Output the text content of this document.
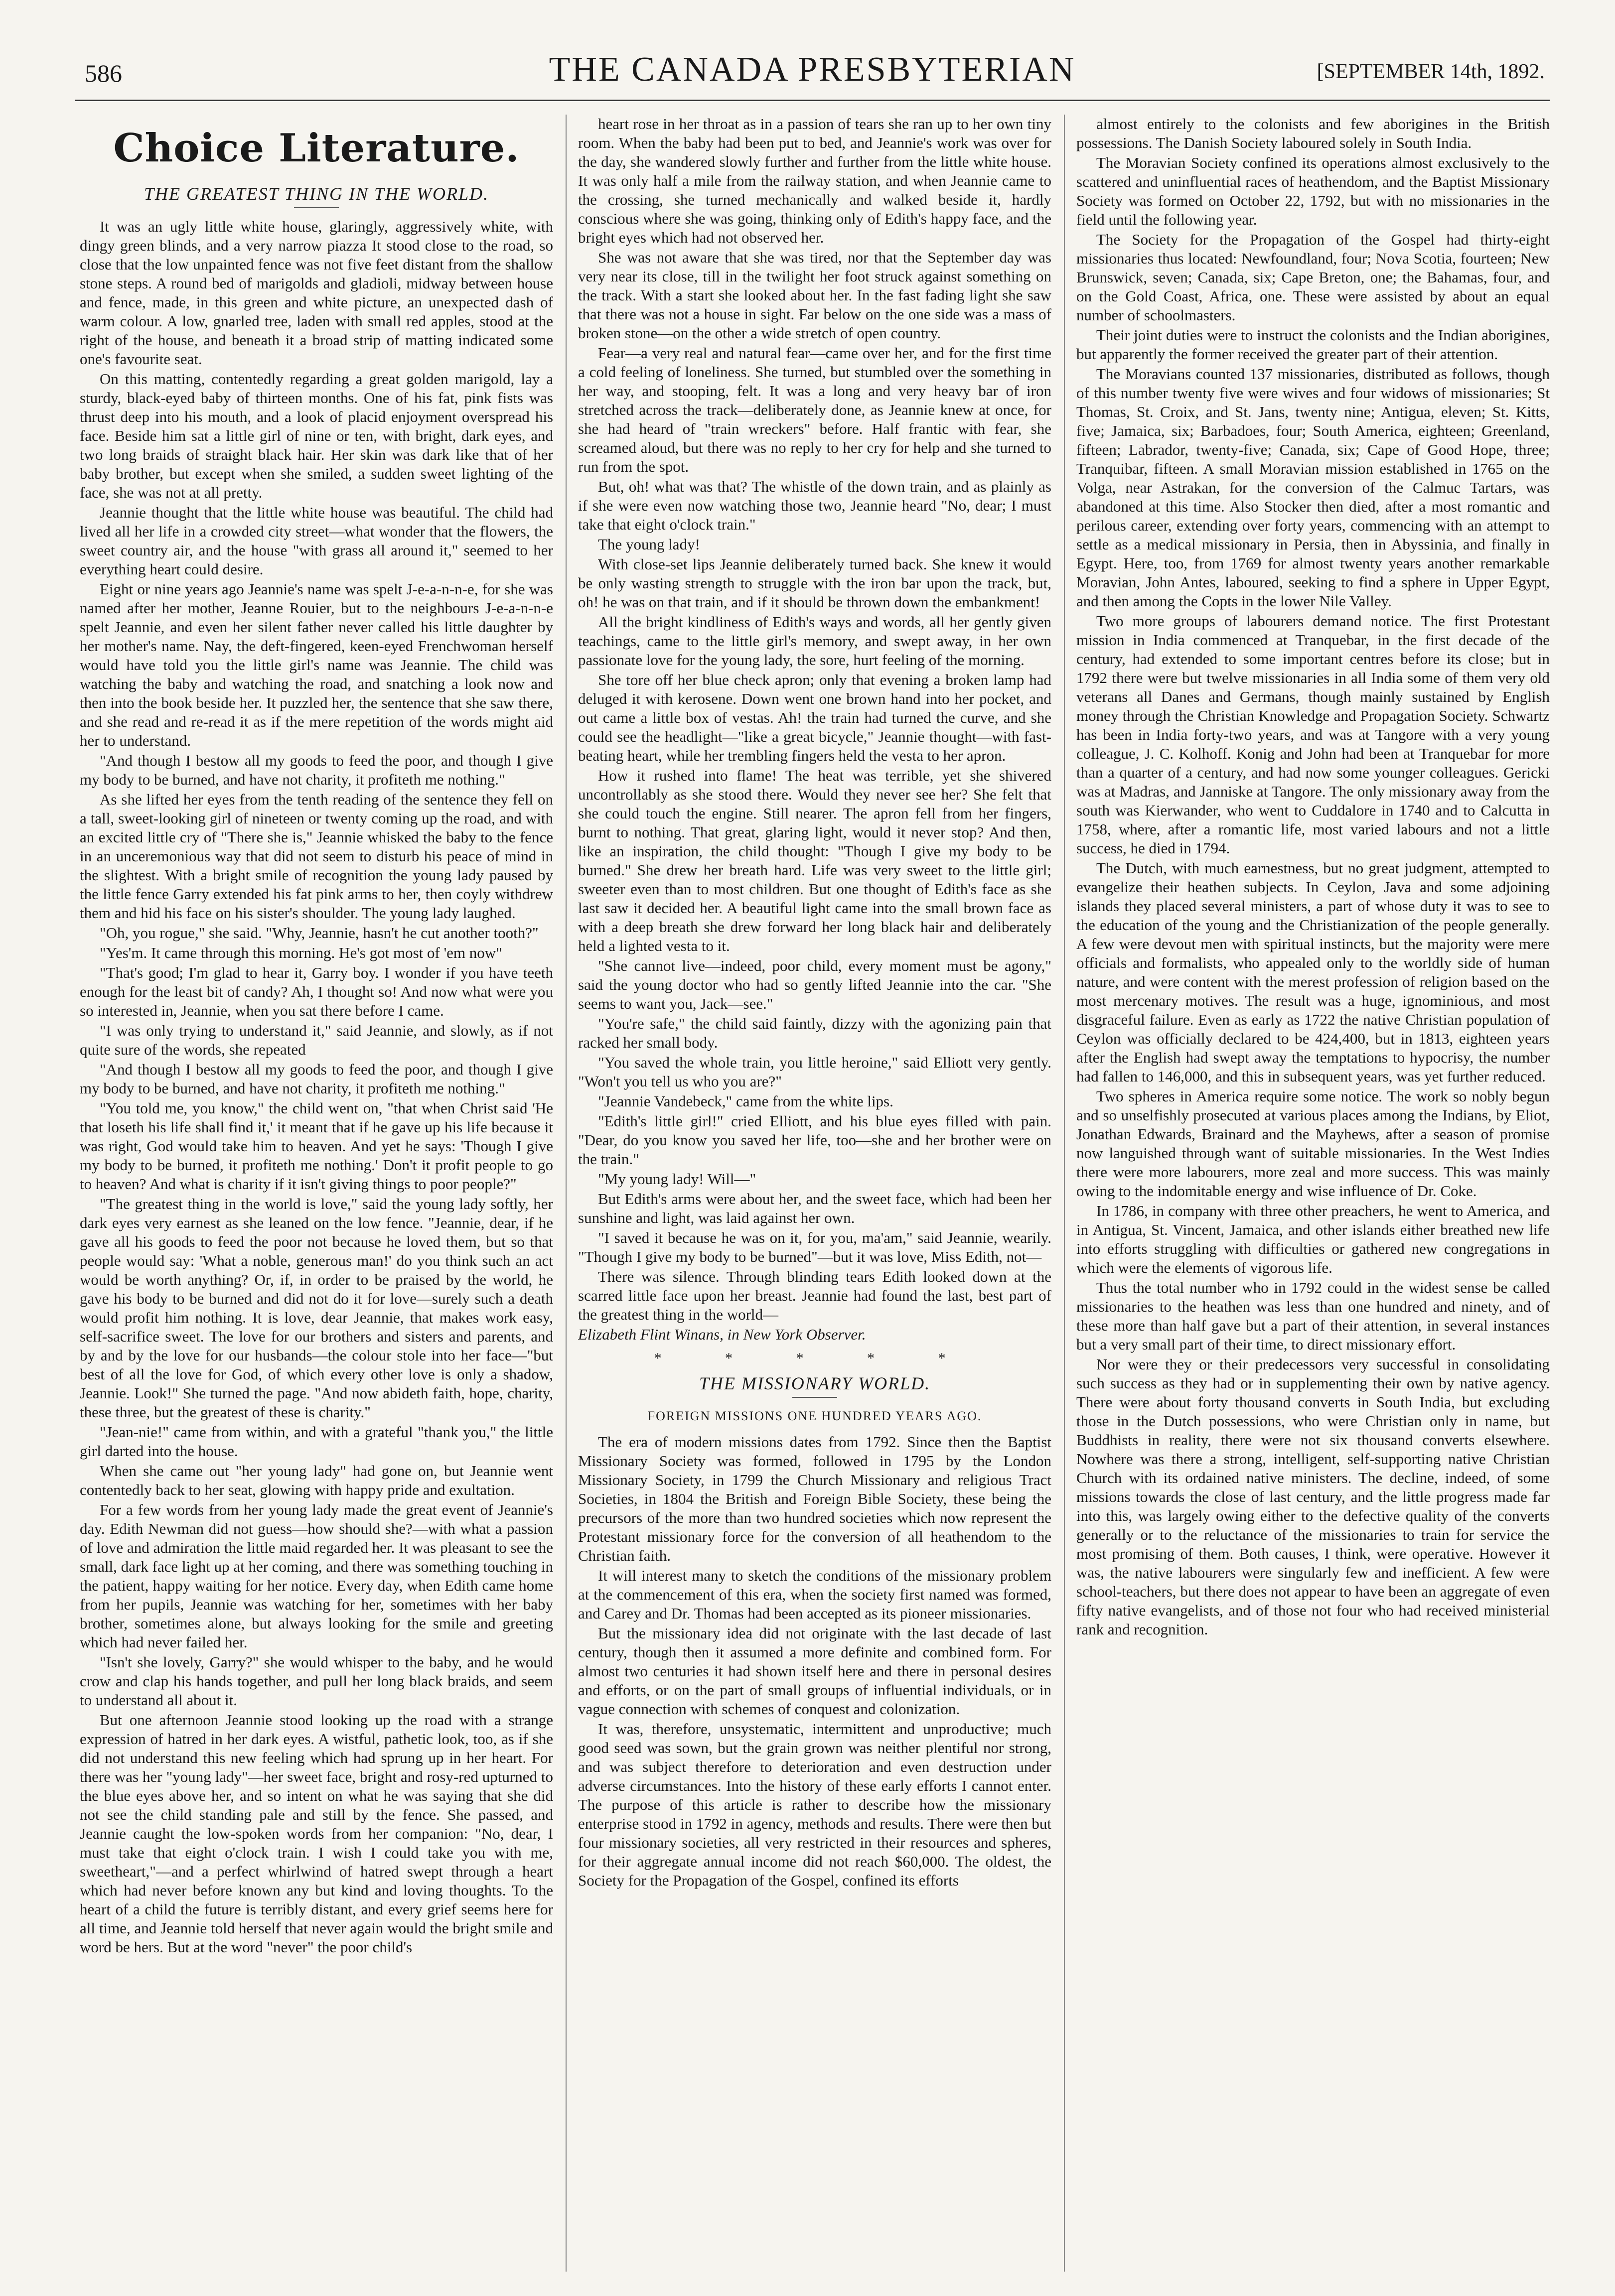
586	THE CANADA PRESBYTERIAN	[SEPTEMBER 14th, 1892.
Choice Literature.
THE GREATEST THING IN THE WORLD.

It was an ugly little white house, glaringly, aggressively white, with dingy green blinds, and a very narrow piazza It stood close to the road, so close that the low unpainted fence was not five feet distant from the shallow stone steps. A round bed of marigolds and gladioli, midway between house and fence, made, in this green and white picture, an unexpected dash of warm colour. A low, gnarled tree, laden with small red apples, stood at the right of the house, and beneath it a broad strip of matting indicated some one's favourite seat.

On this matting, contentedly regarding a great golden marigold, lay a sturdy, black-eyed baby of thirteen months. One of his fat, pink fists was thrust deep into his mouth, and a look of placid enjoyment overspread his face. Beside him sat a little girl of nine or ten, with bright, dark eyes, and two long braids of straight black hair. Her skin was dark like that of her baby brother, but except when she smiled, a sudden sweet lighting of the face, she was not at all pretty.

Jeannie thought that the little white house was beautiful. The child had lived all her life in a crowded city street—what wonder that the flowers, the sweet country air, and the house "with grass all around it," seemed to her everything heart could desire.

Eight or nine years ago Jeannie's name was spelt J-e-a-n-n-e, for she was named after her mother, Jeanne Rouier, but to the neighbours J-e-a-n-n-e spelt Jeannie, and even her silent father never called his little daughter by her mother's name. Nay, the deft-fingered, keen-eyed Frenchwoman herself would have told you the little girl's name was Jeannie. The child was watching the baby and watching the road, and snatching a look now and then into the book beside her. It puzzled her, the sentence that she saw there, and she read and re-read it as if the mere repetition of the words might aid her to understand.

"And though I bestow all my goods to feed the poor, and though I give my body to be burned, and have not charity, it profiteth me nothing."

As she lifted her eyes from the tenth reading of the sentence they fell on a tall, sweet-looking girl of nineteen or twenty coming up the road, and with an excited little cry of "There she is," Jeannie whisked the baby to the fence in an unceremonious way that did not seem to disturb his peace of mind in the slightest. With a bright smile of recognition the young lady paused by the little fence Garry extended his fat pink arms to her, then coyly withdrew them and hid his face on his sister's shoulder. The young lady laughed.

"Oh, you rogue," she said. "Why, Jeannie, hasn't he cut another tooth?"

"Yes'm. It came through this morning. He's got most of 'em now"

"That's good; I'm glad to hear it, Garry boy. I wonder if you have teeth enough for the least bit of candy? Ah, I thought so! And now what were you so interested in, Jeannie, when you sat there before I came.

"I was only trying to understand it," said Jeannie, and slowly, as if not quite sure of the words, she repeated

"And though I bestow all my goods to feed the poor, and though I give my body to be burned, and have not charity, it profiteth me nothing."

"You told me, you know," the child went on, "that when Christ said 'He that loseth his life shall find it,' it meant that if he gave up his life because it was right, God would take him to heaven. And yet he says: 'Though I give my body to be burned, it profiteth me nothing.' Don't it profit people to go to heaven? And what is charity if it isn't giving things to poor people?"

"The greatest thing in the world is love," said the young lady softly, her dark eyes very earnest as she leaned on the low fence. "Jeannie, dear, if he gave all his goods to feed the poor not because he loved them, but so that people would say: 'What a noble, generous man!' do you think such an act would be worth anything? Or, if, in order to be praised by the world, he gave his body to be burned and did not do it for love—surely such a death would profit him nothing. It is love, dear Jeannie, that makes work easy, self-sacrifice sweet. The love for our brothers and sisters and parents, and by and by the love for our husbands—the colour stole into her face—"but best of all the love for God, of which every other love is only a shadow, Jeannie. Look!" She turned the page. "And now abideth faith, hope, charity, these three, but the greatest of these is charity."

"Jean-nie!" came from within, and with a grateful "thank you," the little girl darted into the house.

When she came out "her young lady" had gone on, but Jeannie went contentedly back to her seat, glowing with happy pride and exultation.

For a few words from her young lady made the great event of Jeannie's day. Edith Newman did not guess—how should she?—with what a passion of love and admiration the little maid regarded her. It was pleasant to see the small, dark face light up at her coming, and there was something touching in the patient, happy waiting for her notice. Every day, when Edith came home from her pupils, Jeannie was watching for her, sometimes with her baby brother, sometimes alone, but always looking for the smile and greeting which had never failed her.

"Isn't she lovely, Garry?" she would whisper to the baby, and he would crow and clap his hands together, and pull her long black braids, and seem to understand all about it.

But one afternoon Jeannie stood looking up the road with a strange expression of hatred in her dark eyes. A wistful, pathetic look, too, as if she did not understand this new feeling which had sprung up in her heart. For there was her "young lady"—her sweet face, bright and rosy-red upturned to the blue eyes above her, and so intent on what he was saying that she did not see the child standing pale and still by the fence. She passed, and Jeannie caught the low-spoken words from her companion: "No, dear, I must take that eight o'clock train. I wish I could take you with me, sweetheart,"—and a perfect whirlwind of hatred swept through a heart which had never before known any but kind and loving thoughts. To the heart of a child the future is terribly distant, and every grief seems here for all time, and Jeannie told herself that never again would the bright smile and word be hers. But at the word "never" the poor child's

heart rose in her throat as in a passion of tears she ran up to her own tiny room. When the baby had been put to bed, and Jeannie's work was over for the day, she wandered slowly further and further from the little white house. It was only half a mile from the railway station, and when Jeannie came to the crossing, she turned mechanically and walked beside it, hardly conscious where she was going, thinking only of Edith's happy face, and the bright eyes which had not observed her.

She was not aware that she was tired, nor that the September day was very near its close, till in the twilight her foot struck against something on the track. With a start she looked about her. In the fast fading light she saw that there was not a house in sight. Far below on the one side was a mass of broken stone—on the other a wide stretch of open country.

Fear—a very real and natural fear—came over her, and for the first time a cold feeling of loneliness. She turned, but stumbled over the something in her way, and stooping, felt. It was a long and very heavy bar of iron stretched across the track—deliberately done, as Jeannie knew at once, for she had heard of "train wreckers" before. Half frantic with fear, she screamed aloud, but there was no reply to her cry for help and she turned to run from the spot.

But, oh! what was that? The whistle of the down train, and as plainly as if she were even now watching those two, Jeannie heard "No, dear; I must take that eight o'clock train."

The young lady!

With close-set lips Jeannie deliberately turned back. She knew it would be only wasting strength to struggle with the iron bar upon the track, but, oh! he was on that train, and if it should be thrown down the embankment!

All the bright kindliness of Edith's ways and words, all her gently given teachings, came to the little girl's memory, and swept away, in her own passionate love for the young lady, the sore, hurt feeling of the morning.

She tore off her blue check apron; only that evening a broken lamp had deluged it with kerosene. Down went one brown hand into her pocket, and out came a little box of vestas. Ah! the train had turned the curve, and she could see the headlight—"like a great bicycle," Jeannie thought—with fast-beating heart, while her trembling fingers held the vesta to her apron.

How it rushed into flame! The heat was terrible, yet she shivered uncontrollably as she stood there. Would they never see her? She felt that she could touch the engine. Still nearer. The apron fell from her fingers, burnt to nothing. That great, glaring light, would it never stop? And then, like an inspiration, the child thought: "Though I give my body to be burned." She drew her breath hard. Life was very sweet to the little girl; sweeter even than to most children. But one thought of Edith's face as she last saw it decided her. A beautiful light came into the small brown face as with a deep breath she drew forward her long black hair and deliberately held a lighted vesta to it.

"She cannot live—indeed, poor child, every moment must be agony," said the young doctor who had so gently lifted Jeannie into the car. "She seems to want you, Jack—see."

"You're safe," the child said faintly, dizzy with the agonizing pain that racked her small body.

"You saved the whole train, you little heroine," said Elliott very gently. "Won't you tell us who you are?"

"Jeannie Vandebeck," came from the white lips.

"Edith's little girl!" cried Elliott, and his blue eyes filled with pain. "Dear, do you know you saved her life, too—she and her brother were on the train."

"My young lady! Will—"

But Edith's arms were about her, and the sweet face, which had been her sunshine and light, was laid against her own.

"I saved it because he was on it, for you, ma'am," said Jeannie, wearily. "Though I give my body to be burned"—but it was love, Miss Edith, not—

There was silence. Through blinding tears Edith looked down at the scarred little face upon her breast. Jeannie had found the last, best part of the greatest thing in the world—

Elizabeth Flint Winans, in New York Observer.

* * * * *
THE MISSIONARY WORLD.
FOREIGN MISSIONS ONE HUNDRED YEARS AGO.

The era of modern missions dates from 1792. Since then the Baptist Missionary Society was formed, followed in 1795 by the London Missionary Society, in 1799 the Church Missionary and religious Tract Societies, in 1804 the British and Foreign Bible Society, these being the precursors of the more than two hundred societies which now represent the Protestant missionary force for the conversion of all heathendom to the Christian faith.

It will interest many to sketch the conditions of the missionary problem at the commencement of this era, when the society first named was formed, and Carey and Dr. Thomas had been accepted as its pioneer missionaries.

But the missionary idea did not originate with the last decade of last century, though then it assumed a more definite and combined form. For almost two centuries it had shown itself here and there in personal desires and efforts, or on the part of small groups of influential individuals, or in vague connection with schemes of conquest and colonization.

It was, therefore, unsystematic, intermittent and unproductive; much good seed was sown, but the grain grown was neither plentiful nor strong, and was subject therefore to deterioration and even destruction under adverse circumstances. Into the history of these early efforts I cannot enter. The purpose of this article is rather to describe how the missionary enterprise stood in 1792 in agency, methods and results. There were then but four missionary societies, all very restricted in their resources and spheres, for their aggregate annual income did not reach $60,000. The oldest, the Society for the Propagation of the Gospel, confined its efforts

almost entirely to the colonists and few aborigines in the British possessions. The Danish Society laboured solely in South India.

The Moravian Society confined its operations almost exclusively to the scattered and uninfluential races of heathendom, and the Baptist Missionary Society was formed on October 22, 1792, but with no missionaries in the field until the following year.

The Society for the Propagation of the Gospel had thirty-eight missionaries thus located: Newfoundland, four; Nova Scotia, fourteen; New Brunswick, seven; Canada, six; Cape Breton, one; the Bahamas, four, and on the Gold Coast, Africa, one. These were assisted by about an equal number of schoolmasters.

Their joint duties were to instruct the colonists and the Indian aborigines, but apparently the former received the greater part of their attention.

The Moravians counted 137 missionaries, distributed as follows, though of this number twenty five were wives and four widows of missionaries; St Thomas, St. Croix, and St. Jans, twenty nine; Antigua, eleven; St. Kitts, five; Jamaica, six; Barbadoes, four; South America, eighteen; Greenland, fifteen; Labrador, twenty-five; Canada, six; Cape of Good Hope, three; Tranquibar, fifteen. A small Moravian mission established in 1765 on the Volga, near Astrakan, for the conversion of the Calmuc Tartars, was abandoned at this time. Also Stocker then died, after a most romantic and perilous career, extending over forty years, commencing with an attempt to settle as a medical missionary in Persia, then in Abyssinia, and finally in Egypt. Here, too, from 1769 for almost twenty years another remarkable Moravian, John Antes, laboured, seeking to find a sphere in Upper Egypt, and then among the Copts in the lower Nile Valley.

Two more groups of labourers demand notice. The first Protestant mission in India commenced at Tranquebar, in the first decade of the century, had extended to some important centres before its close; but in 1792 there were but twelve missionaries in all India some of them very old veterans all Danes and Germans, though mainly sustained by English money through the Christian Knowledge and Propagation Society. Schwartz has been in India forty-two years, and was at Tangore with a very young colleague, J. C. Kolhoff. Konig and John had been at Tranquebar for more than a quarter of a century, and had now some younger colleagues. Gericki was at Madras, and Janniske at Tangore. The only missionary away from the south was Kierwander, who went to Cuddalore in 1740 and to Calcutta in 1758, where, after a romantic life, most varied labours and not a little success, he died in 1794.

The Dutch, with much earnestness, but no great judgment, attempted to evangelize their heathen subjects. In Ceylon, Java and some adjoining islands they placed several ministers, a part of whose duty it was to see to the education of the young and the Christianization of the people generally. A few were devout men with spiritual instincts, but the majority were mere officials and formalists, who appealed only to the worldly side of human nature, and were content with the merest profession of religion based on the most mercenary motives. The result was a huge, ignominious, and most disgraceful failure. Even as early as 1722 the native Christian population of Ceylon was officially declared to be 424,400, but in 1813, eighteen years after the English had swept away the temptations to hypocrisy, the number had fallen to 146,000, and this in subsequent years, was yet further reduced.

Two spheres in America require some notice. The work so nobly begun and so unselfishly prosecuted at various places among the Indians, by Eliot, Jonathan Edwards, Brainard and the Mayhews, after a season of promise now languished through want of suitable missionaries. In the West Indies there were more labourers, more zeal and more success. This was mainly owing to the indomitable energy and wise influence of Dr. Coke.

In 1786, in company with three other preachers, he went to America, and in Antigua, St. Vincent, Jamaica, and other islands either breathed new life into efforts struggling with difficulties or gathered new congregations in which were the elements of vigorous life.

Thus the total number who in 1792 could in the widest sense be called missionaries to the heathen was less than one hundred and ninety, and of these more than half gave but a part of their attention, in several instances but a very small part of their time, to direct missionary effort.

Nor were they or their predecessors very successful in consolidating such success as they had or in supplementing their own by native agency. There were about forty thousand converts in South India, but excluding those in the Dutch possessions, who were Christian only in name, but Buddhists in reality, there were not six thousand converts elsewhere. Nowhere was there a strong, intelligent, self-supporting native Christian Church with its ordained native ministers. The decline, indeed, of some missions towards the close of last century, and the little progress made far into this, was largely owing either to the defective quality of the converts generally or to the reluctance of the missionaries to train for service the most promising of them. Both causes, I think, were operative. However it was, the native labourers were singularly few and inefficient. A few were school-teachers, but there does not appear to have been an aggregate of even fifty native evangelists, and of those not four who had received ministerial rank and recognition.
